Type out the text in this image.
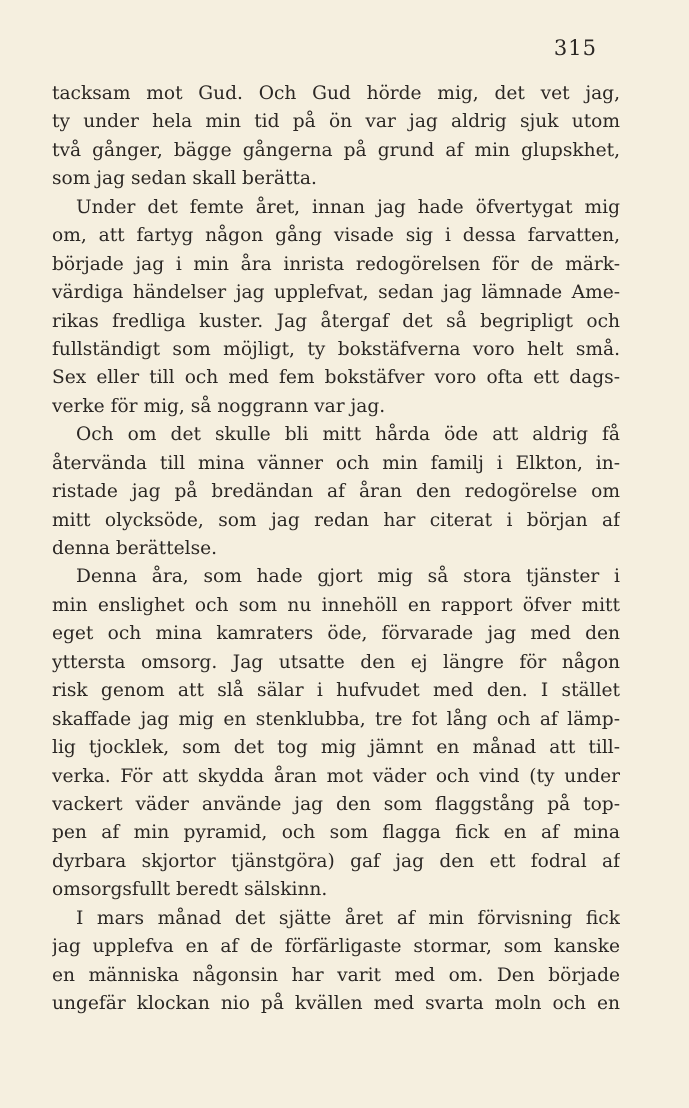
315
tacksam mot Gud. Och Gud hörde mig, det vet jag,
ty under hela min tid på ön var jag aldrig sjuk utom
två gånger, bägge gångerna på grund af min glupskhet,
som jag sedan skall berätta.
Under det femte året, innan jag hade öfvertygat mig
om, att fartyg någon gång visade sig i dessa farvatten,
började jag i min åra inrista redogörelsen för de märk-
värdiga händelser jag upplefvat, sedan jag lämnade Ame-
rikas fredliga kuster. Jag återgaf det så begripligt och
fullständigt som möjligt, ty bokstäfverna voro helt små.
Sex eller till och med fem bokstäfver voro ofta ett dags-
verke för mig, så noggrann var jag.
Och om det skulle bli mitt hårda öde att aldrig få
återvända till mina vänner och min familj i Elkton, in-
ristade jag på bredändan af åran den redogörelse om
mitt olycksöde, som jag redan har citerat i början af
denna berättelse.
Denna åra, som hade gjort mig så stora tjänster i
min enslighet och som nu innehöll en rapport öfver mitt
eget och mina kamraters öde, förvarade jag med den
yttersta omsorg. Jag utsatte den ej längre för någon
risk genom att slå sälar i hufvudet med den. I stället
skaffade jag mig en stenklubba, tre fot lång och af lämp-
lig tjocklek, som det tog mig jämnt en månad att till-
verka. För att skydda åran mot väder och vind (ty under
vackert väder använde jag den som flaggstång på top-
pen af min pyramid, och som flagga fick en af mina
dyrbara skjortor tjänstgöra) gaf jag den ett fodral af
omsorgsfullt beredt sälskinn.
I mars månad det sjätte året af min förvisning fick
jag upplefva en af de förfärligaste stormar, som kanske
en människa någonsin har varit med om. Den började
ungefär klockan nio på kvällen med svarta moln och en
